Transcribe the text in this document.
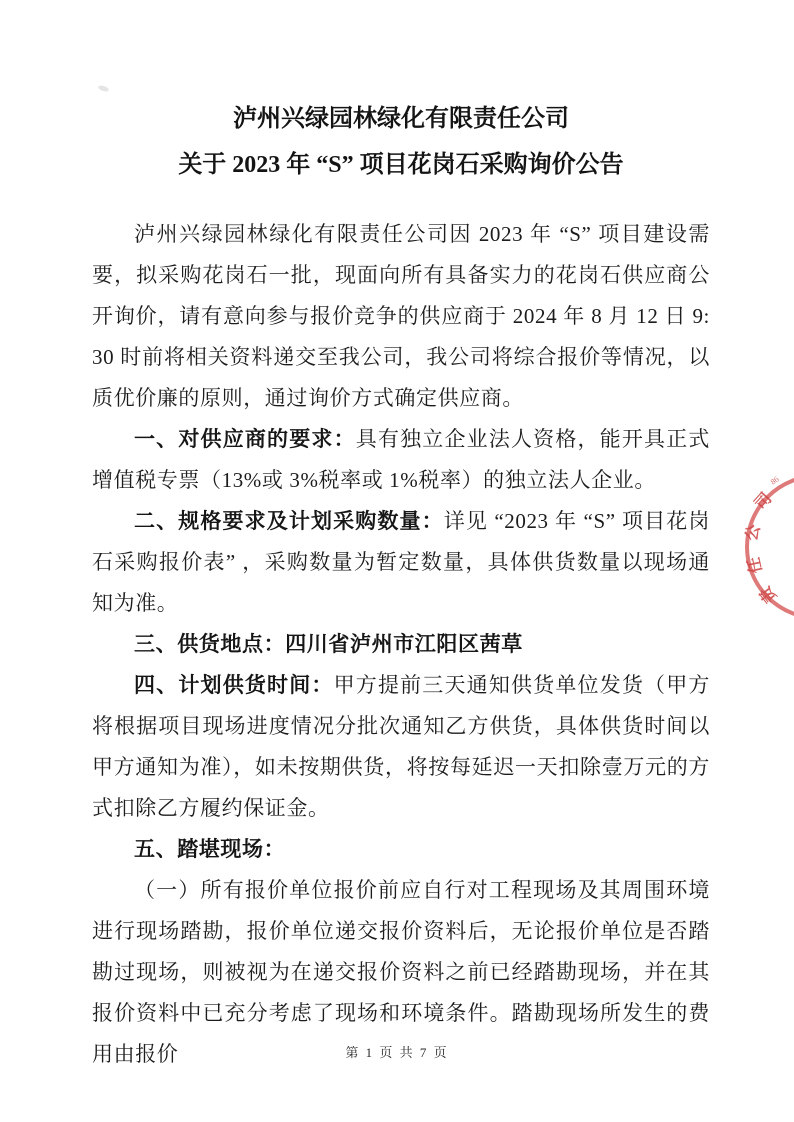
泸州兴绿园林绿化有限责任公司
关于 2023 年 “S” 项目花岗石采购询价公告

泸州兴绿园林绿化有限责任公司因 2023 年 “S” 项目建设需要，拟采购花岗石一批，现面向所有具备实力的花岗石供应商公开询价，请有意向参与报价竞争的供应商于 2024 年 8 月 12 日 9: 30 时前将相关资料递交至我公司，我公司将综合报价等情况，以质优价廉的原则，通过询价方式确定供应商。

一、对供应商的要求：具有独立企业法人资格，能开具正式增值税专票（13%或 3%税率或 1%税率）的独立法人企业。

二、规格要求及计划采购数量：详见 “2023 年 “S” 项目花岗石采购报价表” ，采购数量为暂定数量，具体供货数量以现场通知为准。

三、供货地点：四川省泸州市江阳区茜草

四、计划供货时间：甲方提前三天通知供货单位发货（甲方将根据项目现场进度情况分批次通知乙方供货，具体供货时间以甲方通知为准），如未按期供货，将按每延迟一天扣除壹万元的方式扣除乙方履约保证金。

五、踏堪现场：

（一）所有报价单位报价前应自行对工程现场及其周围环境进行现场踏勘，报价单位递交报价资料后，无论报价单位是否踏勘过现场，则被视为在递交报价资料之前已经踏勘现场，并在其报价资料中已充分考虑了现场和环境条件。踏勘现场所发生的费用由报价

司
公
任
责
86
第 1 页 共 7 页
